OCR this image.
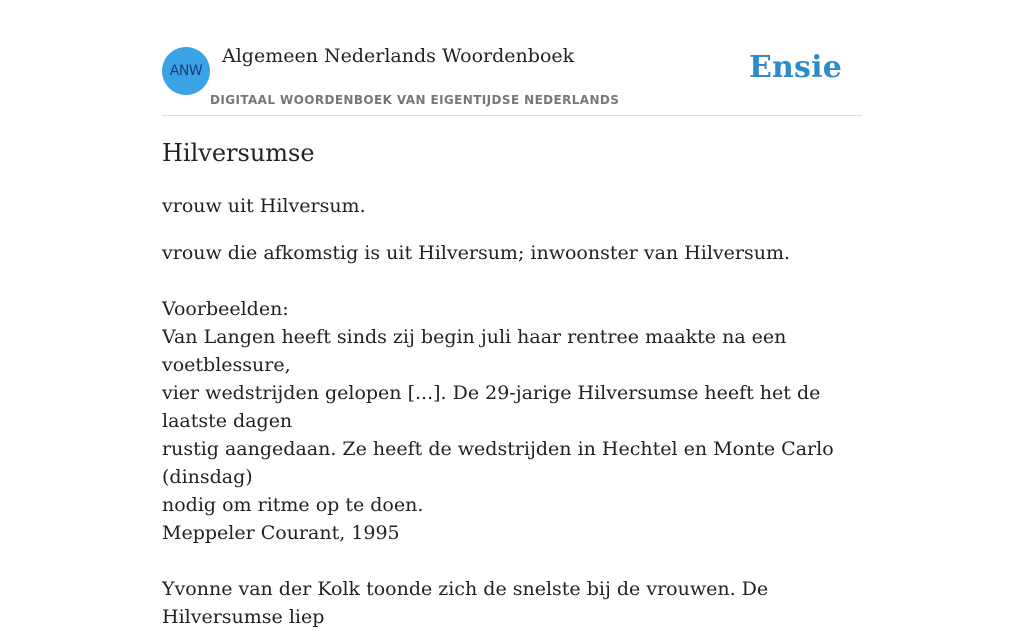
ANW
Algemeen Nederlands Woordenboek
DIGITAAL WOORDENBOEK VAN EIGENTIJDSE NEDERLANDS
Ensie
Hilversumse
vrouw uit Hilversum.

vrouw die afkomstig is uit Hilversum; inwoonster van Hilversum.

Voorbeelden:

Van Langen heeft sinds zij begin juli haar rentree maakte na een voetblessure,

vier wedstrijden gelopen [...]. De 29-jarige Hilversumse heeft het de laatste dagen

rustig aangedaan. Ze heeft de wedstrijden in Hechtel en Monte Carlo (dinsdag)

nodig om ritme op te doen.

Meppeler Courant, 1995

Yvonne van der Kolk toonde zich de snelste bij de vrouwen. De Hilversumse liep
